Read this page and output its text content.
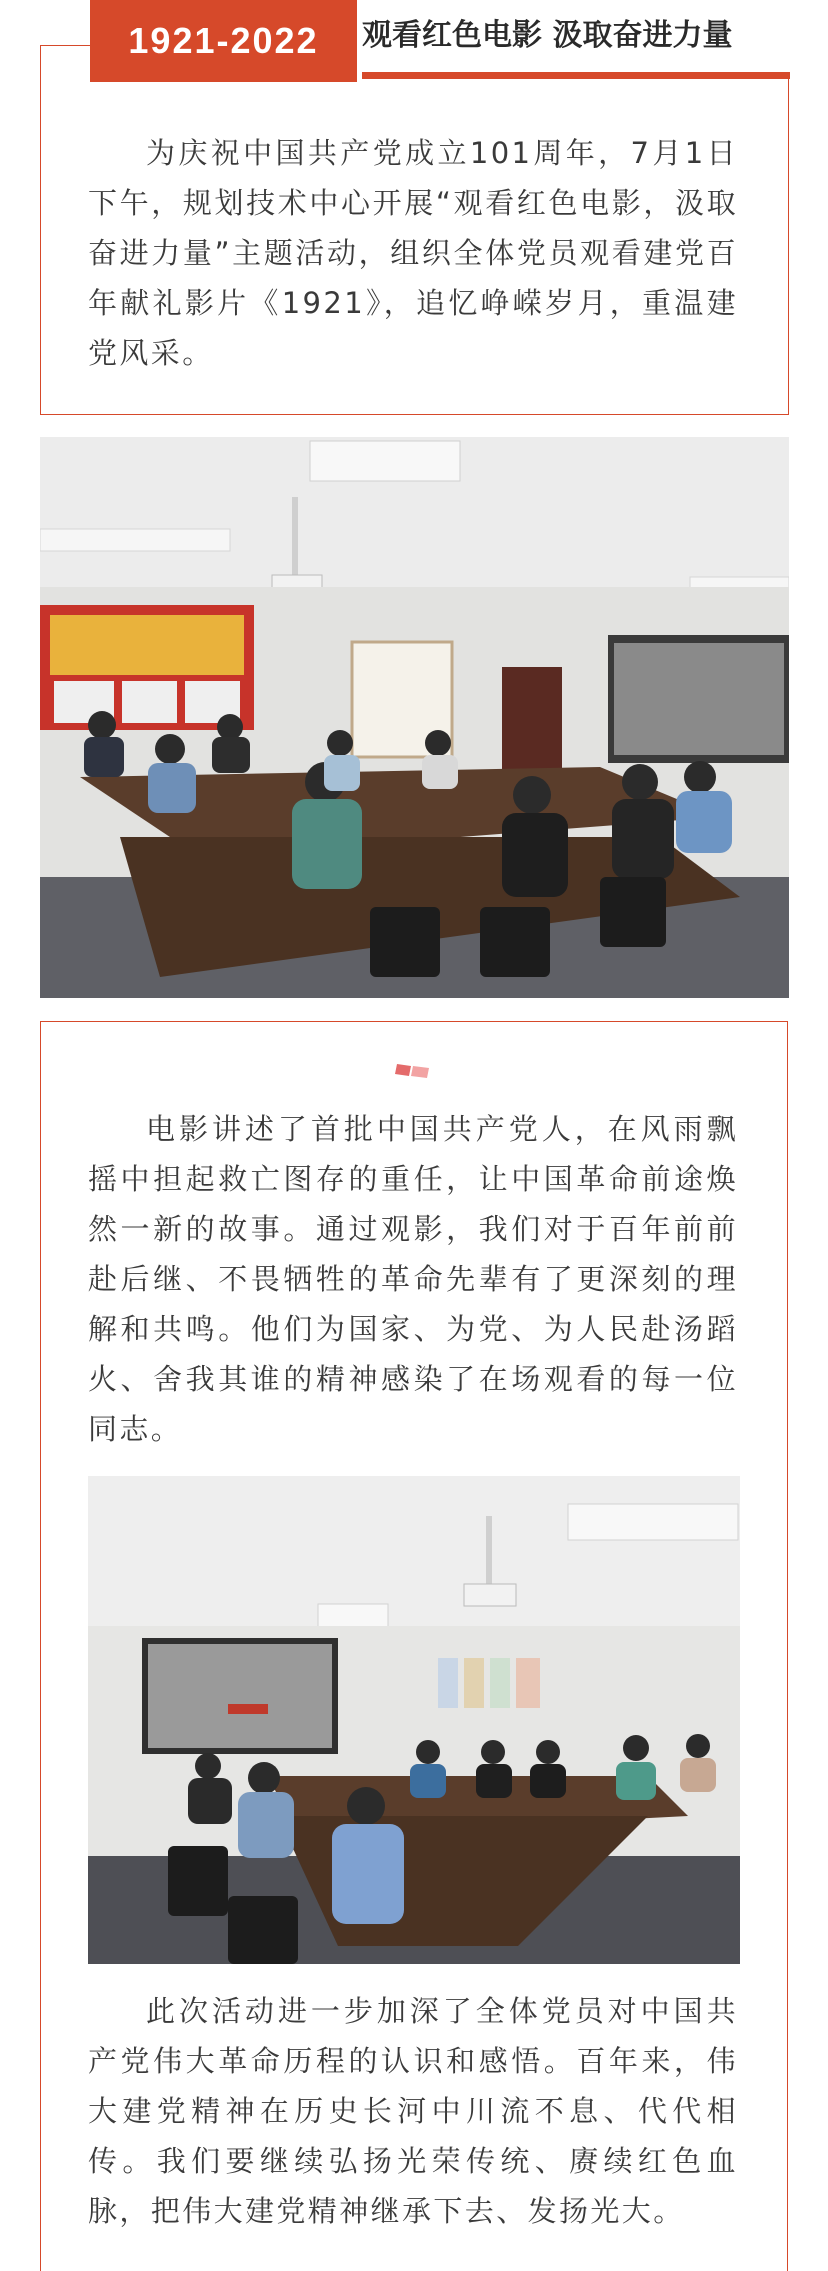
1921-2022	观看红色电影 汲取奋进力量

为庆祝中国共产党成立101周年，7月1日下午，规划技术中心开展“观看红色电影，汲取奋进力量”主题活动，组织全体党员观看建党百年献礼影片《1921》，追忆峥嵘岁月，重温建党风采。

电影讲述了首批中国共产党人，在风雨飘摇中担起救亡图存的重任，让中国革命前途焕然一新的故事。通过观影，我们对于百年前前赴后继、不畏牺牲的革命先辈有了更深刻的理解和共鸣。他们为国家、为党、为人民赴汤蹈火、舍我其谁的精神感染了在场观看的每一位同志。

此次活动进一步加深了全体党员对中国共产党伟大革命历程的认识和感悟。百年来，伟大建党精神在历史长河中川流不息、代代相传。我们要继续弘扬光荣传统、赓续红色血脉，把伟大建党精神继承下去、发扬光大。
